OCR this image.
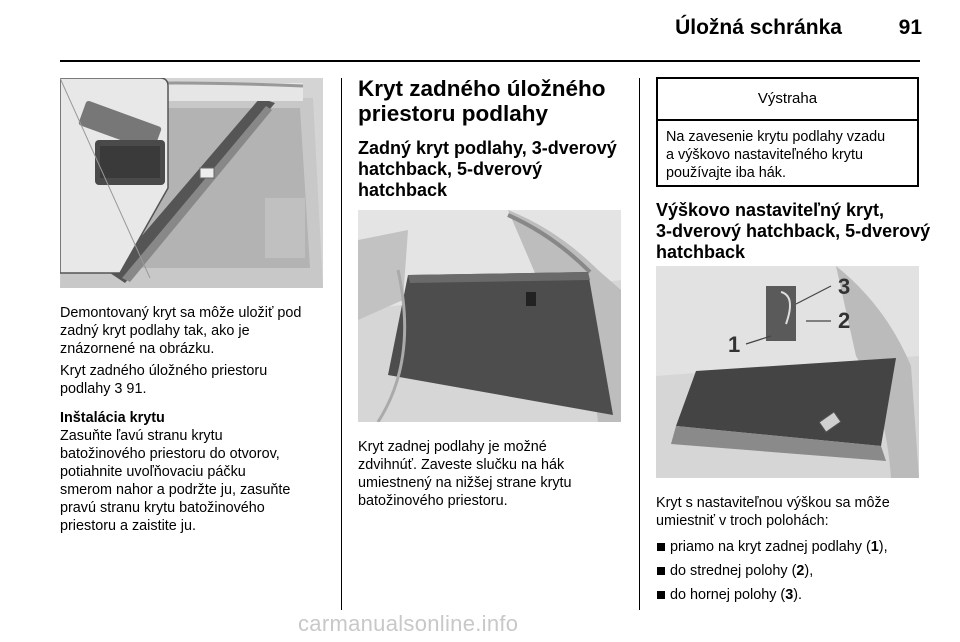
Úložná schránka	91

Demontovaný kryt sa môže uložiť pod

zadný kryt podlahy tak, ako je

znázornené na obrázku.

Kryt zadného úložného priestoru

podlahy 3 91.

Inštalácia krytu

Zasuňte ľavú stranu krytu

batožinového priestoru do otvorov,

potiahnite uvoľňovaciu páčku

smerom nahor a podržte ju, zasuňte

pravú stranu krytu batožinového

priestoru a zaistite ju.

Kryt zadného úložného
priestoru podlahy
Zadný kryt podlahy, 3-dverový
hatchback, 5-dverový
hatchback

Kryt zadnej podlahy je možné

zdvihnúť. Zaveste slučku na hák

umiestnený na nižšej strane krytu

batožinového priestoru.

Výstraha
Na zavesenie krytu podlahy vzadu
a výškovo nastaviteľného krytu
používajte iba hák.
Výškovo nastaviteľný kryt,
3-dverový hatchback, 5-dverový
hatchback
1
2
3

Kryt s nastaviteľnou výškou sa môže

umiestniť v troch polohách:

priamo na kryt zadnej podlahy (1),
do strednej polohy (2),
do hornej polohy (3).
carmanualsonline.info
